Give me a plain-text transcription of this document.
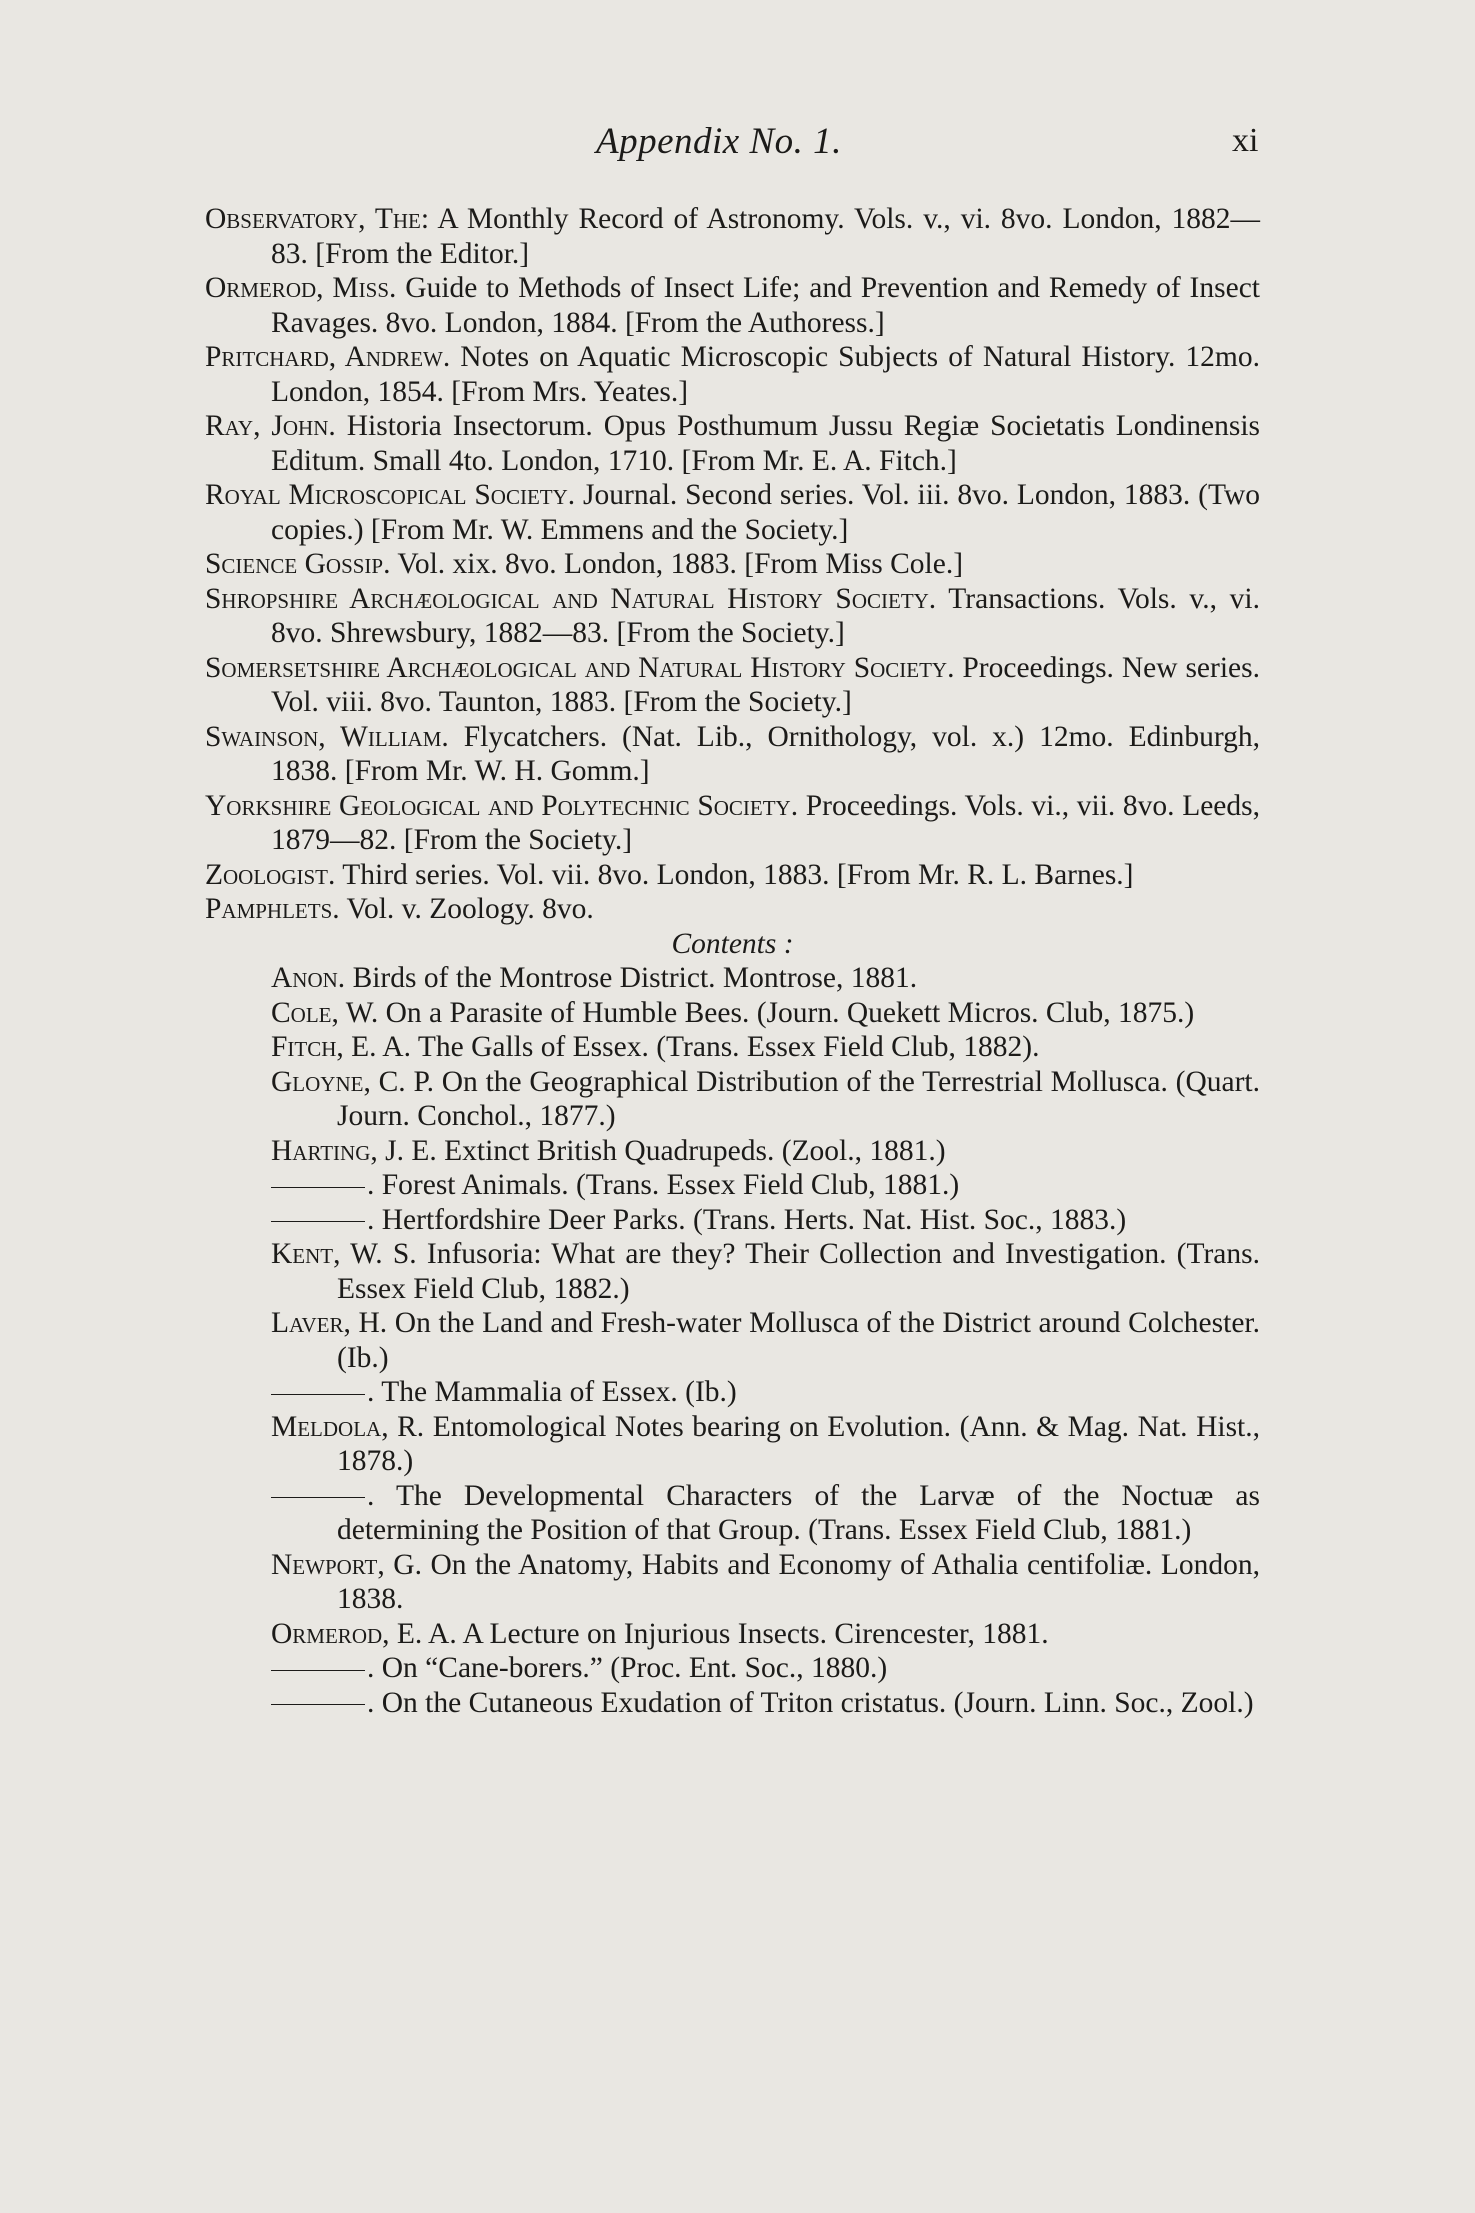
Appendix No. 1.	xi
Observatory, The: A Monthly Record of Astronomy. Vols. v., vi. 8vo. London, 1882—83. [From the Editor.]
Ormerod, Miss. Guide to Methods of Insect Life; and Prevention and Remedy of Insect Ravages. 8vo. London, 1884. [From the Authoress.]
Pritchard, Andrew. Notes on Aquatic Microscopic Subjects of Natural History. 12mo. London, 1854. [From Mrs. Yeates.]
Ray, John. Historia Insectorum. Opus Posthumum Jussu Regiæ Societatis Londinensis Editum. Small 4to. London, 1710. [From Mr. E. A. Fitch.]
Royal Microscopical Society. Journal. Second series. Vol. iii. 8vo. London, 1883. (Two copies.) [From Mr. W. Emmens and the Society.]
Science Gossip. Vol. xix. 8vo. London, 1883. [From Miss Cole.]
Shropshire Archæological and Natural History Society. Transactions. Vols. v., vi. 8vo. Shrewsbury, 1882—83. [From the Society.]
Somersetshire Archæological and Natural History Society. Proceedings. New series. Vol. viii. 8vo. Taunton, 1883. [From the Society.]
Swainson, William. Flycatchers. (Nat. Lib., Ornithology, vol. x.) 12mo. Edinburgh, 1838. [From Mr. W. H. Gomm.]
Yorkshire Geological and Polytechnic Society. Proceedings. Vols. vi., vii. 8vo. Leeds, 1879—82. [From the Society.]
Zoologist. Third series. Vol. vii. 8vo. London, 1883. [From Mr. R. L. Barnes.]
Pamphlets. Vol. v. Zoology. 8vo.
Contents :
Anon. Birds of the Montrose District. Montrose, 1881.
Cole, W. On a Parasite of Humble Bees. (Journ. Quekett Micros. Club, 1875.)
Fitch, E. A. The Galls of Essex. (Trans. Essex Field Club, 1882).
Gloyne, C. P. On the Geographical Distribution of the Terrestrial Mollusca. (Quart. Journ. Conchol., 1877.)
Harting, J. E. Extinct British Quadrupeds. (Zool., 1881.)
. Forest Animals. (Trans. Essex Field Club, 1881.)
. Hertfordshire Deer Parks. (Trans. Herts. Nat. Hist. Soc., 1883.)
Kent, W. S. Infusoria: What are they? Their Collection and Investigation. (Trans. Essex Field Club, 1882.)
Laver, H. On the Land and Fresh-water Mollusca of the District around Colchester. (Ib.)
. The Mammalia of Essex. (Ib.)
Meldola, R. Entomological Notes bearing on Evolution. (Ann. & Mag. Nat. Hist., 1878.)
. The Developmental Characters of the Larvæ of the Noctuæ as determining the Position of that Group. (Trans. Essex Field Club, 1881.)
Newport, G. On the Anatomy, Habits and Economy of Athalia centifoliæ. London, 1838.
Ormerod, E. A. A Lecture on Injurious Insects. Cirencester, 1881.
. On “Cane-borers.” (Proc. Ent. Soc., 1880.)
. On the Cutaneous Exudation of Triton cristatus. (Journ. Linn. Soc., Zool.)
